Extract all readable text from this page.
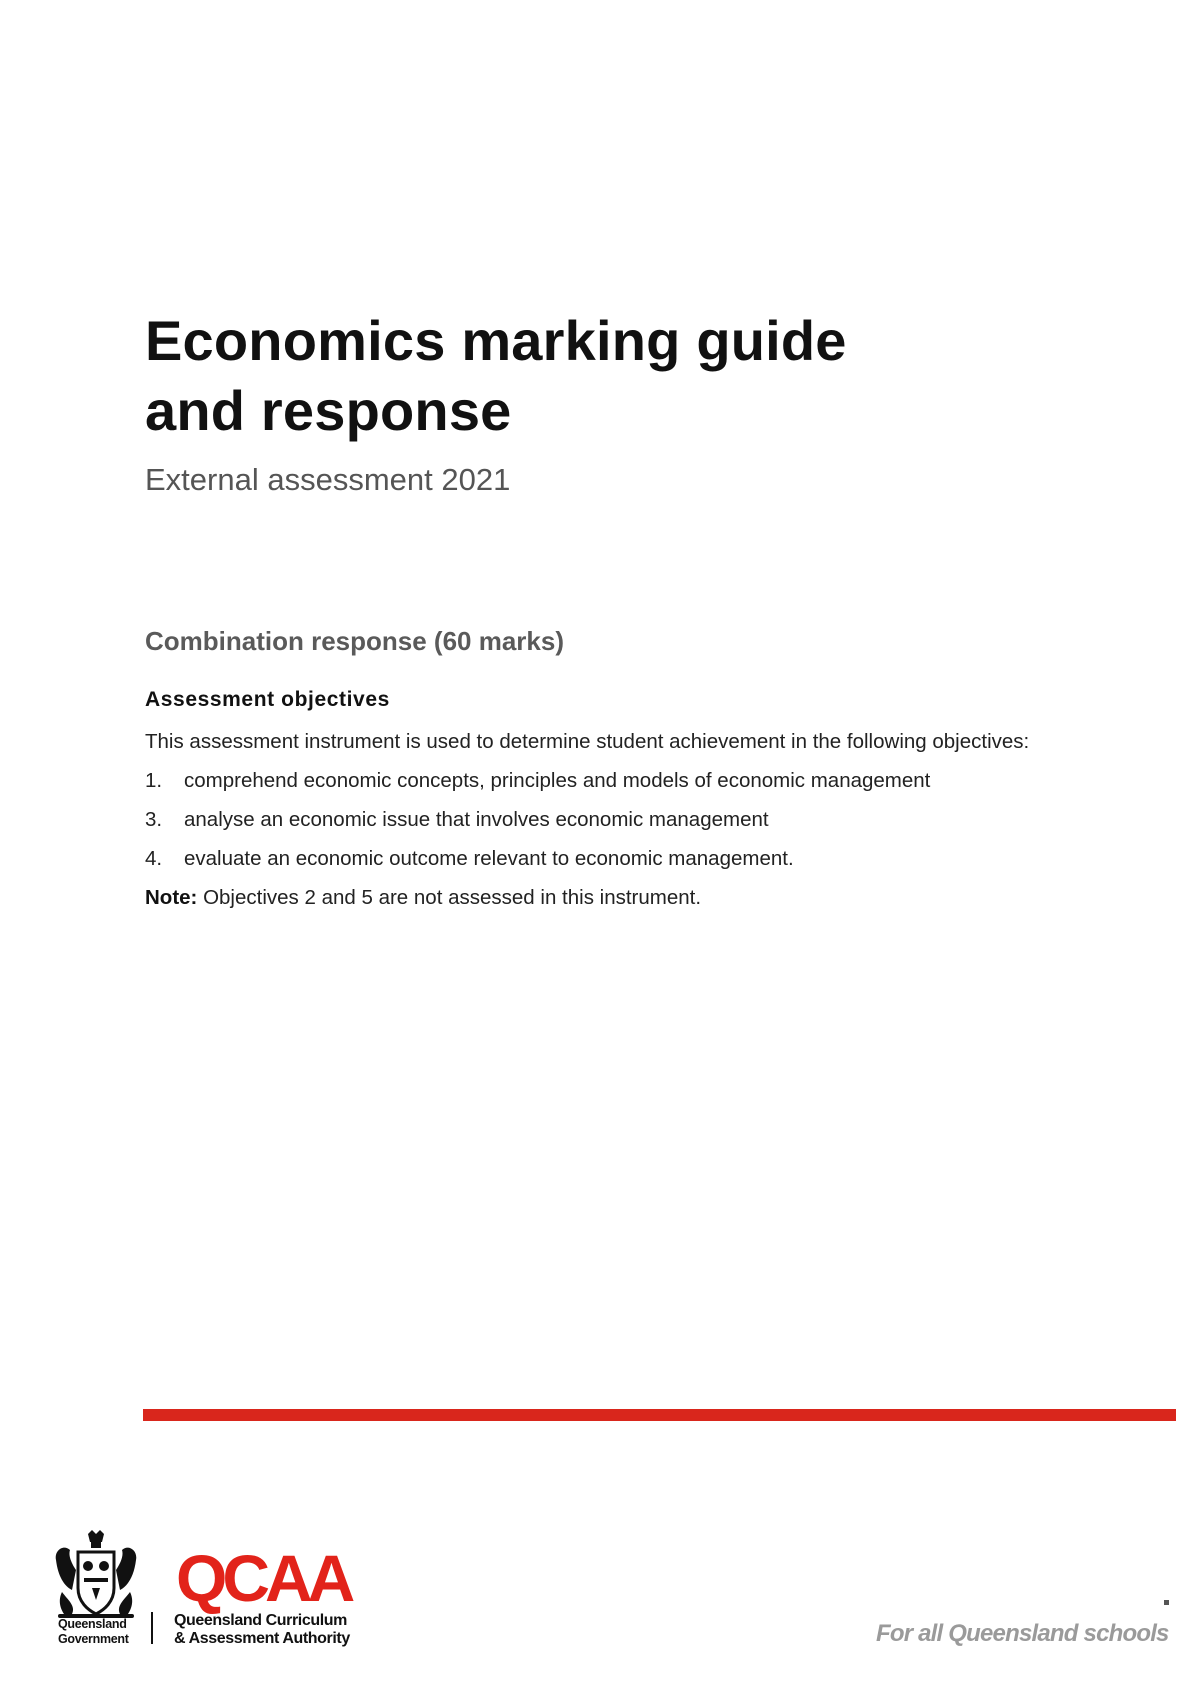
Economics marking guide
and response
External assessment 2021
Combination response (60 marks)
Assessment objectives
This assessment instrument is used to determine student achievement in the following objectives:
1.	comprehend economic concepts, principles and models of economic management
3.	analyse an economic issue that involves economic management
4.	evaluate an economic outcome relevant to economic management.
Note: Objectives 2 and 5 are not assessed in this instrument.
Queensland
Government
QCAA
Queensland Curriculum
& Assessment Authority	For all Queensland schools
